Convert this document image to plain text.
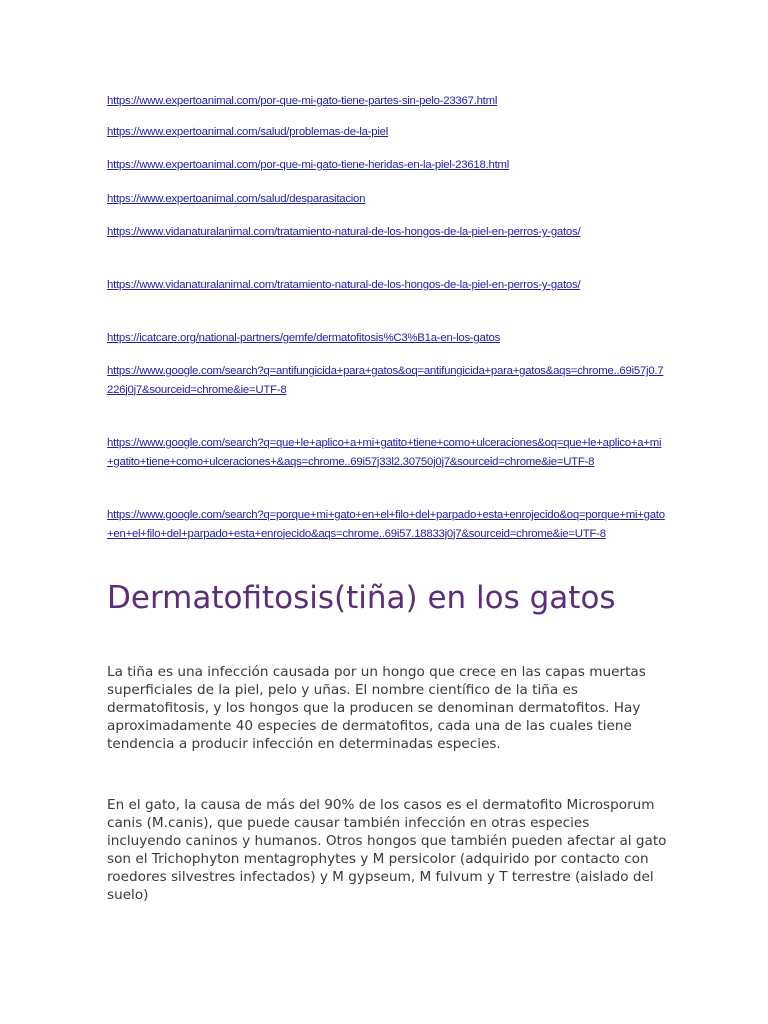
https://www.expertoanimal.com/por-que-mi-gato-tiene-partes-sin-pelo-23367.html
https://www.expertoanimal.com/salud/problemas-de-la-piel
https://www.expertoanimal.com/por-que-mi-gato-tiene-heridas-en-la-piel-23618.html
https://www.expertoanimal.com/salud/desparasitacion
https://www.vidanaturalanimal.com/tratamiento-natural-de-los-hongos-de-la-piel-en-perros-y-gatos/
https://www.vidanaturalanimal.com/tratamiento-natural-de-los-hongos-de-la-piel-en-perros-y-gatos/
https://icatcare.org/national-partners/gemfe/dermatofitosis%C3%B1a-en-los-gatos
https://www.google.com/search?q=antifungicida+para+gatos&oq=antifungicida+para+gatos&aqs=chrome..69i57j0.7226j0j7&sourceid=chrome&ie=UTF-8
https://www.google.com/search?q=que+le+aplico+a+mi+gatito+tiene+como+ulceraciones&oq=que+le+aplico+a+mi+gatito+tiene+como+ulceraciones+&aqs=chrome..69i57j33l2.30750j0j7&sourceid=chrome&ie=UTF-8
https://www.google.com/search?q=porque+mi+gato+en+el+filo+del+parpado+esta+enrojecido&oq=porque+mi+gato+en+el+filo+del+parpado+esta+enrojecido&aqs=chrome..69i57.18833j0j7&sourceid=chrome&ie=UTF-8
Dermatofitosis(tiña) en los gatos

La tiña es una infección causada por un hongo que crece en las capas muertas superficiales de la piel, pelo y uñas. El nombre científico de la tiña es dermatofitosis, y los hongos que la producen se denominan dermatofitos. Hay aproximadamente 40 especies de dermatofitos, cada una de las cuales tiene tendencia a producir infección en determinadas especies.

En el gato, la causa de más del 90% de los casos es el dermatofito Microsporum canis (M.canis), que puede causar también infección en otras especies incluyendo caninos y humanos. Otros hongos que también pueden afectar al gato son el Trichophyton mentagrophytes y M persicolor (adquirido por contacto con roedores silvestres infectados) y M gypseum, M fulvum y T terrestre (aislado del suelo)
